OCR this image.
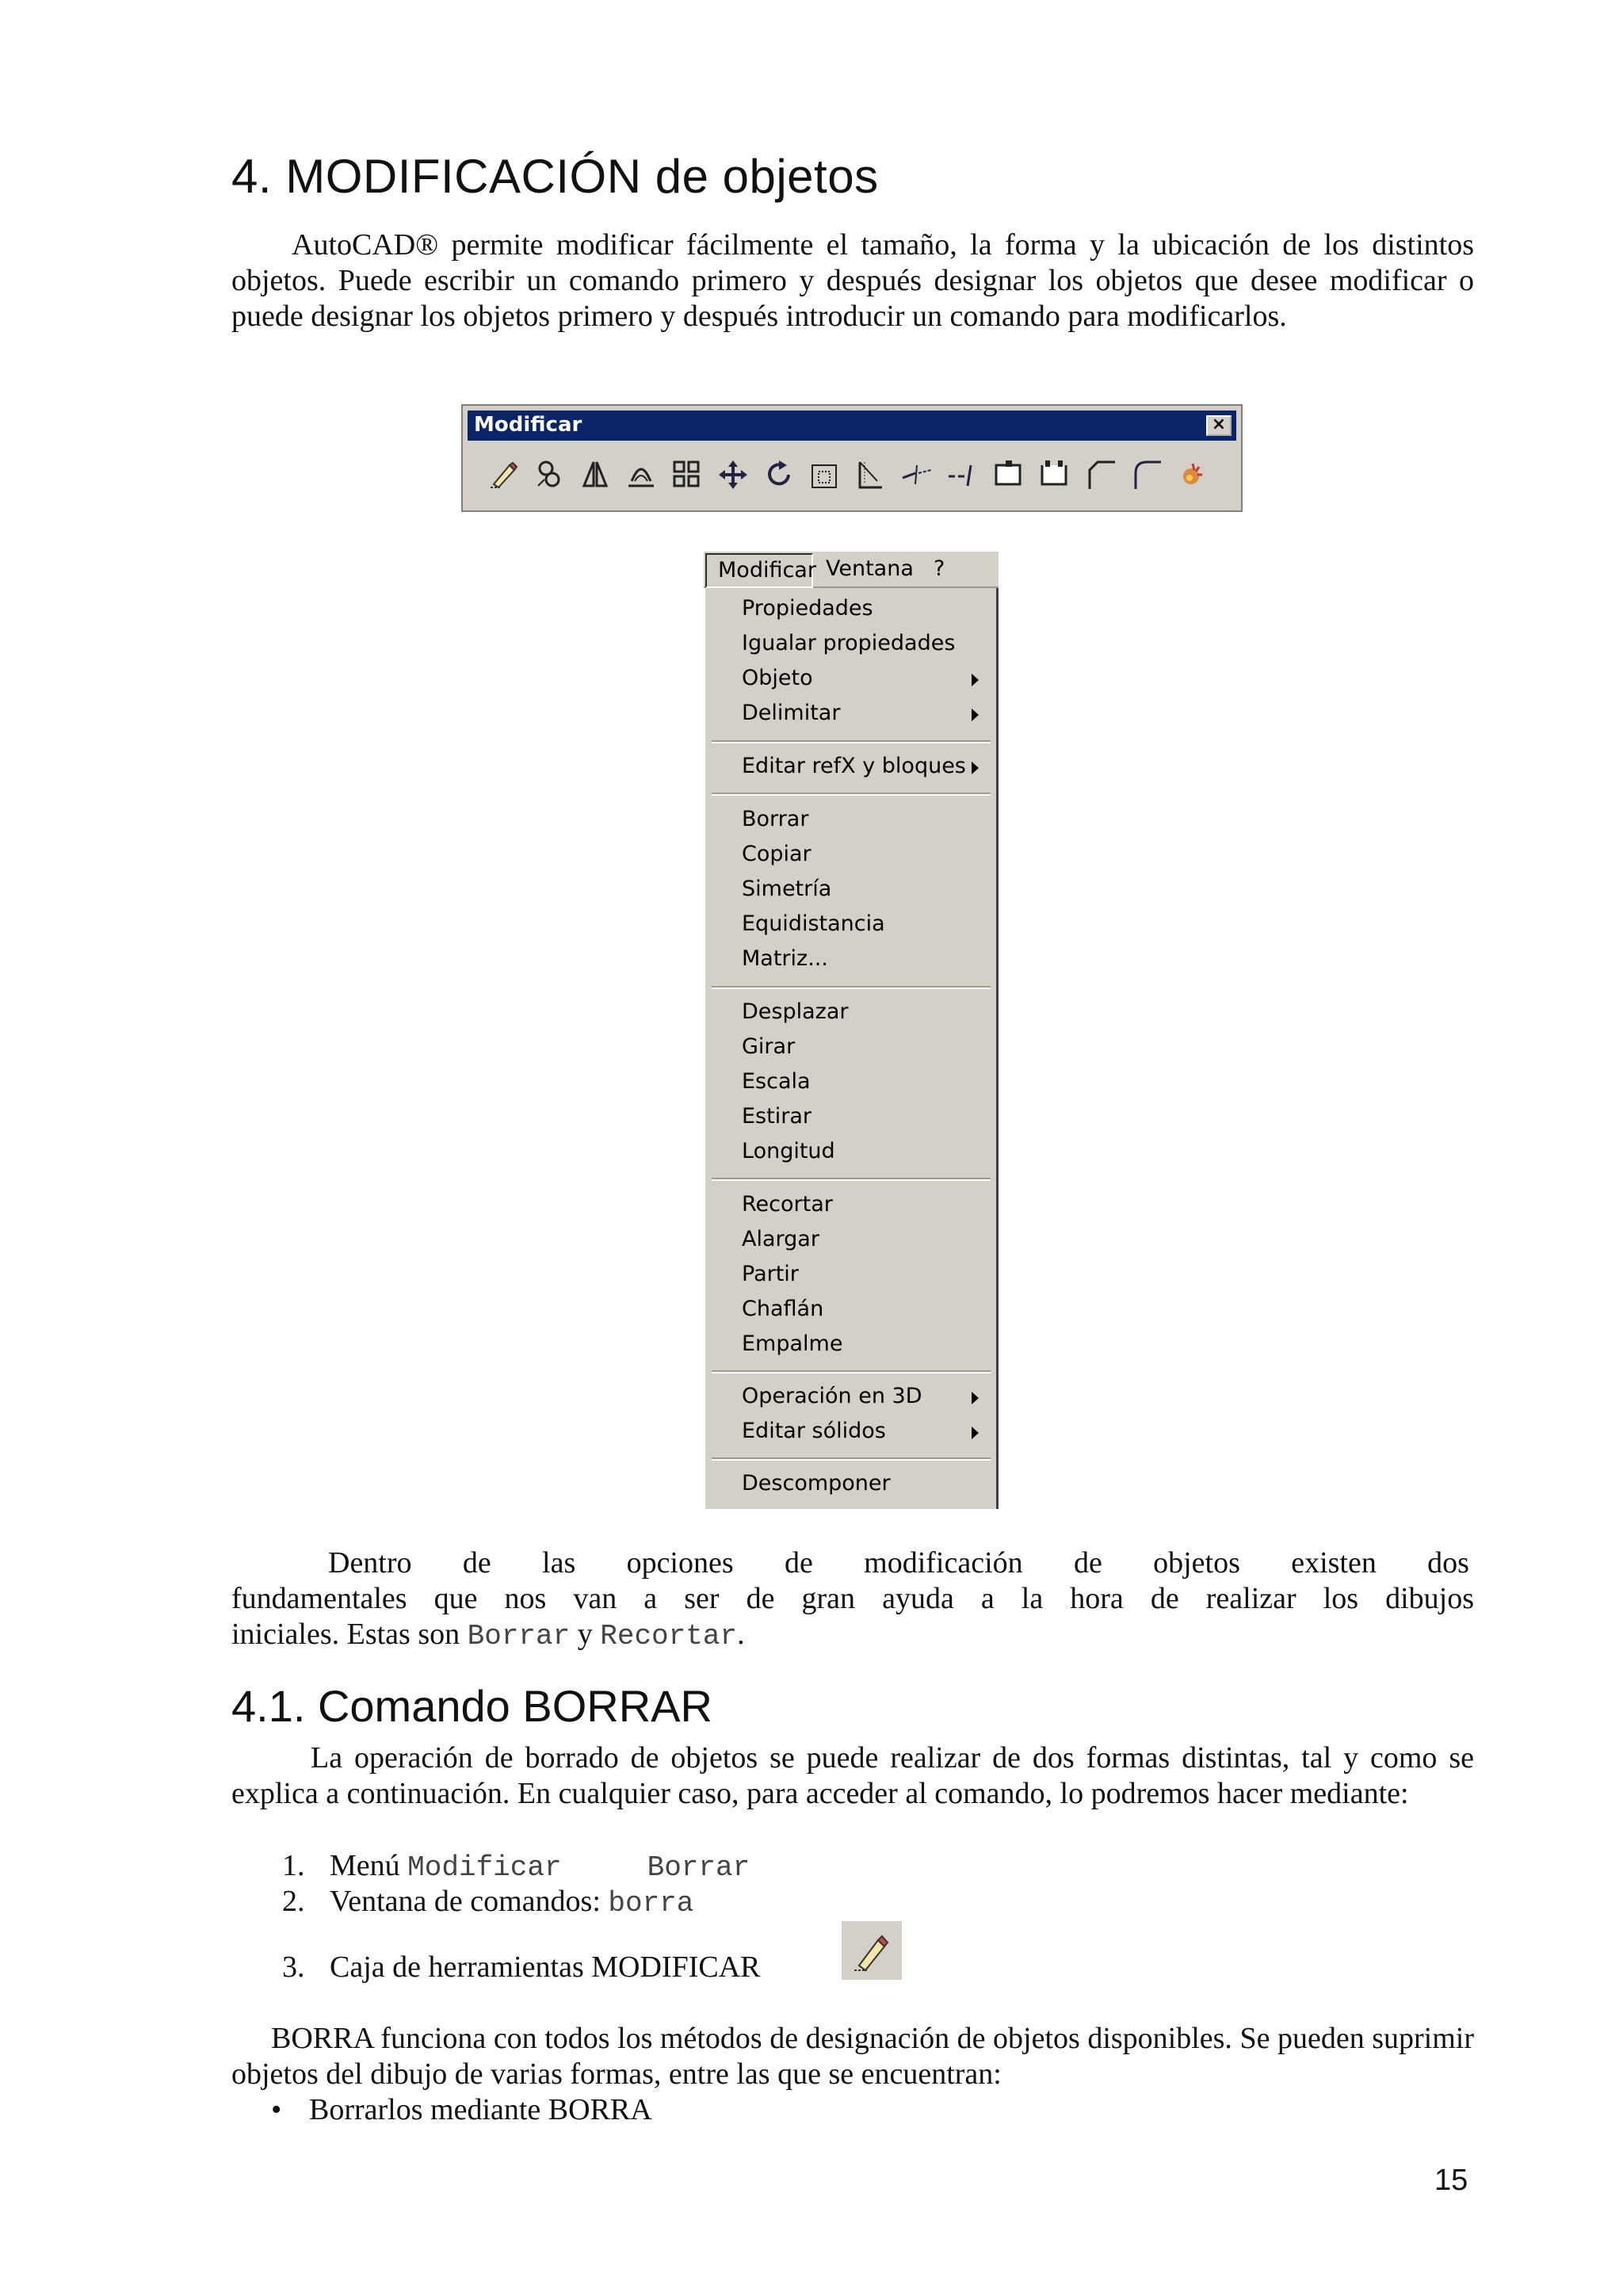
4. MODIFICACIÓN de objetos
AutoCAD® permite modificar fácilmente el tamaño, la forma y la ubicación de los distintos objetos. Puede escribir un comando primero y después designar los objetos que desee modificar o puede designar los objetos primero y después introducir un comando para modificarlos.
Modificar	×
Modificar Ventana ?
Propiedades
Igualar propiedades
Objeto
Delimitar
Editar refX y bloques
Borrar
Copiar
Simetría
Equidistancia
Matriz...
Desplazar
Girar
Escala
Estirar
Longitud
Recortar
Alargar
Partir
Chaflán
Empalme
Operación en 3D
Editar sólidos
Descomponer
Dentro de las opciones de modificación de objetos existen dos
fundamentales que nos van a ser de gran ayuda a la hora de realizar los dibujos
iniciales. Estas son Borrar y Recortar.
4.1. Comando BORRAR
La operación de borrado de objetos se puede realizar de dos formas distintas, tal y como se explica a continuación. En cualquier caso, para acceder al comando, lo podremos hacer mediante:
1. Menú Modificar	Borrar
2. Ventana de comandos: borra
3. Caja de herramientas MODIFICAR
BORRA funciona con todos los métodos de designación de objetos disponibles. Se pueden suprimir objetos del dibujo de varias formas, entre las que se encuentran:
• Borrarlos mediante BORRA
15
